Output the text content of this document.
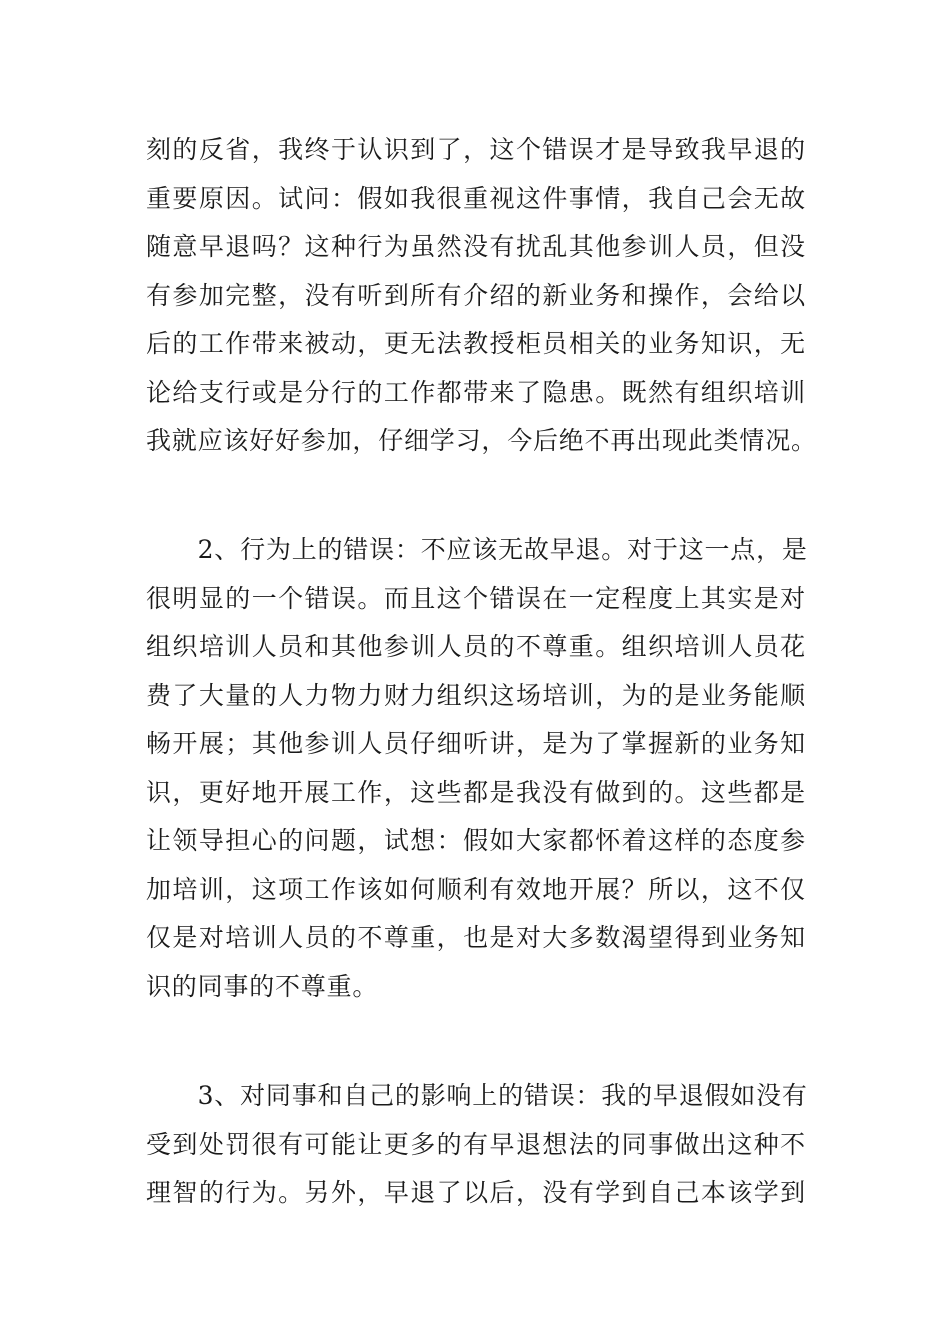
刻的反省，我终于认识到了，这个错误才是导致我早退的
重要原因。试问：假如我很重视这件事情，我自己会无故
随意早退吗？这种行为虽然没有扰乱其他参训人员，但没
有参加完整，没有听到所有介绍的新业务和操作，会给以
后的工作带来被动，更无法教授柜员相关的业务知识，无
论给支行或是分行的工作都带来了隐患。既然有组织培训
我就应该好好参加，仔细学习，今后绝不再出现此类情况。
　　2、行为上的错误：不应该无故早退。对于这一点，是
很明显的一个错误。而且这个错误在一定程度上其实是对
组织培训人员和其他参训人员的不尊重。组织培训人员花
费了大量的人力物力财力组织这场培训，为的是业务能顺
畅开展；其他参训人员仔细听讲，是为了掌握新的业务知
识，更好地开展工作，这些都是我没有做到的。这些都是
让领导担心的问题，试想：假如大家都怀着这样的态度参
加培训，这项工作该如何顺利有效地开展？所以，这不仅
仅是对培训人员的不尊重，也是对大多数渴望得到业务知
识的同事的不尊重。
　　3、对同事和自己的影响上的错误：我的早退假如没有
受到处罚很有可能让更多的有早退想法的同事做出这种不
理智的行为。另外，早退了以后，没有学到自己本该学到
